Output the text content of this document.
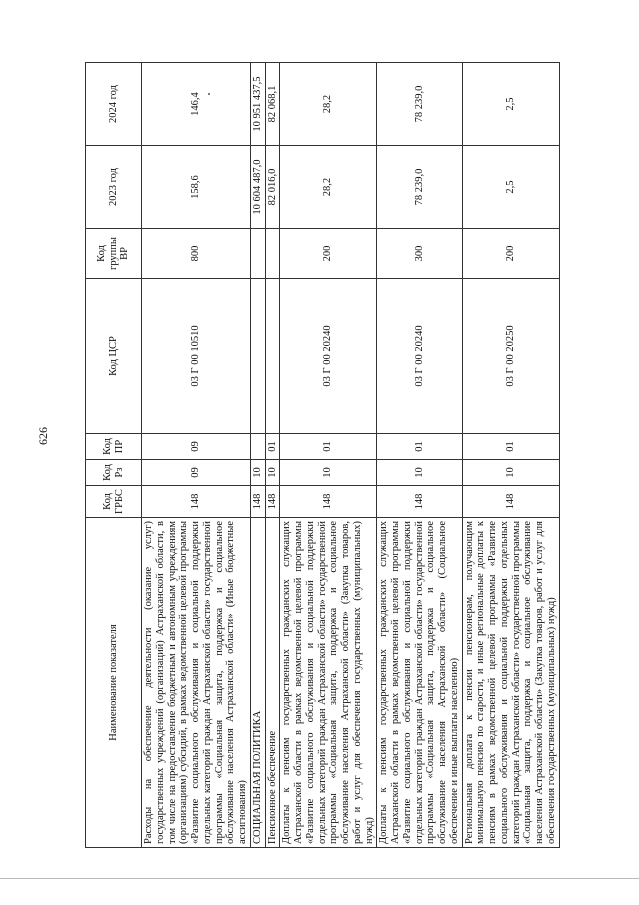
626
Наименование показателя	Код ГРБС	Код Рз	Код ПР	Код ЦСР	Код группы ВР	2023 год	2024 год
Расходы на обеспечение деятельности (оказание услуг) государственных учреждений (организаций) Астраханской области, в том числе на предоставление бюджетным и автономным учреждениям (организациям) субсидий, в рамках ведомственной целевой программы «Развитие социального обслуживания и социальной поддержки отдельных категорий граждан Астраханской области» государственной программы «Социальная защита, поддержка и социальное обслуживание населения Астраханской области» (Иные бюджетные ассигнования)	148	09	09	03 Г 00 10510	800	158,6	146,4
СОЦИАЛЬНАЯ ПОЛИТИКА	148	10				10 604 487,0	10 951 437,5
Пенсионное обеспечение	148	10	01			82 016,0	82 068,1
Доплаты к пенсиям государственных гражданских служащих Астраханской области в рамках ведомственной целевой программы «Развитие социального обслуживания и социальной поддержки отдельных категорий граждан Астраханской области» государственной программы «Социальная защита, поддержка и социальное обслуживание населения Астраханской области» (Закупка товаров, работ и услуг для обеспечения государственных (муниципальных) нужд)	148	10	01	03 Г 00 20240	200	28,2	28,2
Доплаты к пенсиям государственных гражданских служащих Астраханской области в рамках ведомственной целевой программы «Развитие социального обслуживания и социальной поддержки отдельных категорий граждан Астраханской области» государственной программы «Социальная защита, поддержка и социальное обслуживание населения Астраханской области» (Социальное обеспечение и иные выплаты населению)	148	10	01	03 Г 00 20240	300	78 239,0	78 239,0
Региональная доплата к пенсии пенсионерам, получающим минимальную пенсию по старости, и иные региональные доплаты к пенсиям в рамках ведомственной целевой программы «Развитие социального обслуживания и социальной поддержки отдельных категорий граждан Астраханской области» государственной программы «Социальная защита, поддержка и социальное обслуживание населения Астраханской области» (Закупка товаров, работ и услуг для обеспечения государственных (муниципальных) нужд)	148	10	01	03 Г 00 20250	200	2,5	2,5
